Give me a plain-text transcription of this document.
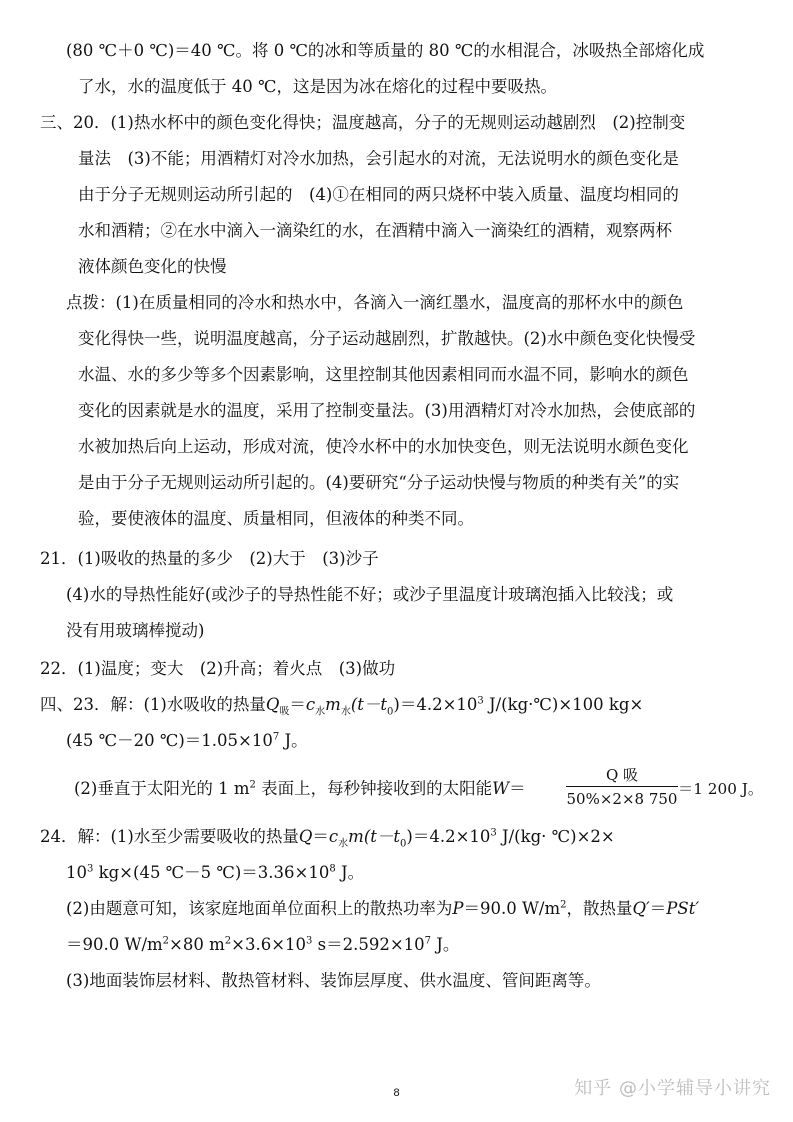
(80 ℃＋0 ℃)＝40 ℃。将 0 ℃的冰和等质量的 80 ℃的水相混合，冰吸热全部熔化成
了水，水的温度低于 40 ℃，这是因为冰在熔化的过程中要吸热。
三、20．(1)热水杯中的颜色变化得快；温度越高，分子的无规则运动越剧烈　(2)控制变
量法　(3)不能；用酒精灯对冷水加热，会引起水的对流，无法说明水的颜色变化是
由于分子无规则运动所引起的　(4)①在相同的两只烧杯中装入质量、温度均相同的
水和酒精；②在水中滴入一滴染红的水，在酒精中滴入一滴染红的酒精，观察两杯
液体颜色变化的快慢
点拨：(1)在质量相同的冷水和热水中，各滴入一滴红墨水，温度高的那杯水中的颜色
变化得快一些，说明温度越高，分子运动越剧烈，扩散越快。(2)水中颜色变化快慢受
水温、水的多少等多个因素影响，这里控制其他因素相同而水温不同，影响水的颜色
变化的因素就是水的温度，采用了控制变量法。(3)用酒精灯对冷水加热，会使底部的
水被加热后向上运动，形成对流，使冷水杯中的水加快变色，则无法说明水颜色变化
是由于分子无规则运动所引起的。(4)要研究“分子运动快慢与物质的种类有关”的实
验，要使液体的温度、质量相同，但液体的种类不同。
21．(1)吸收的热量的多少　(2)大于　(3)沙子
(4)水的导热性能好(或沙子的导热性能不好；或沙子里温度计玻璃泡插入比较浅；或
没有用玻璃棒搅动)
22．(1)温度；变大　(2)升高；着火点　(3)做功
四、23．解：(1)水吸收的热量$Q_吸=c_水m_水(t-t_0)=4.2\times 10^3$ J/(kg·℃)×100 kg×
(45 ℃－20 $℃)=1.05\times 10^7$ J。
(2)垂直于太阳光的 1 $m^2$ 表面上，每秒钟接收到的太阳能W＝
Q 吸
50%×2×8 750
＝1 200 J。
24．解：(1)水至少需要吸收的热量$Q=c_水m(t-t_0)=4.2\times 10^3$ J/(kg· ℃)×2×
$10^3$ kg×(45 ℃－5 $℃)=3.36\times 10^8$ J。
(2)由题意可知，该家庭地面单位面积上的散热功率为P＝90.0 $W/m^2$，散热量Q′＝PSt′
＝90.0 $W/m^2\times 80$ $m^2\times 3.6\times 10^3$ $s=2.592\times 10^7$ J。
(3)地面装饰层材料、散热管材料、装饰层厚度、供水温度、管间距离等。
8	知乎 @小学辅导小讲究
